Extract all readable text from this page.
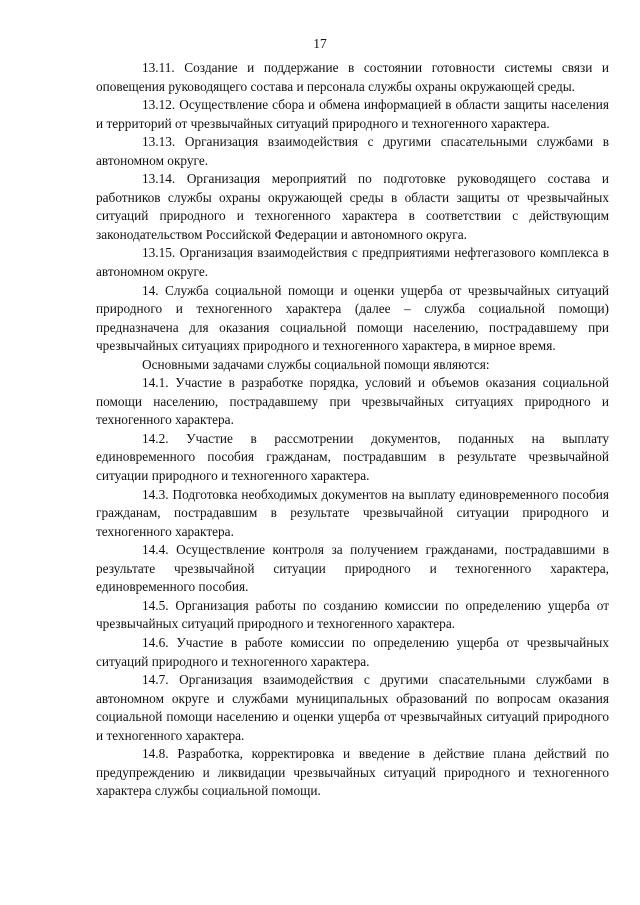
17

13.11. Создание и поддержание в состоянии готовности системы связи и оповещения руководящего состава и персонала службы охраны окружающей среды.

13.12. Осуществление сбора и обмена информацией в области защиты населения и территорий от чрезвычайных ситуаций природного и техногенного характера.

13.13. Организация взаимодействия с другими спасательными службами в автономном округе.

13.14. Организация мероприятий по подготовке руководящего состава и работников службы охраны окружающей среды в области защиты от чрезвычайных ситуаций природного и техногенного характера в соответствии с действующим законодательством Российской Федерации и автономного округа.

13.15. Организация взаимодействия с предприятиями нефтегазового комплекса в автономном округе.

14. Служба социальной помощи и оценки ущерба от чрезвычайных ситуаций природного и техногенного характера (далее – служба социальной помощи) предназначена для оказания социальной помощи населению, пострадавшему при чрезвычайных ситуациях природного и техногенного характера, в мирное время.

Основными задачами службы социальной помощи являются:

14.1. Участие в разработке порядка, условий и объемов оказания социальной помощи населению, пострадавшему при чрезвычайных ситуациях природного и техногенного характера.

14.2. Участие в рассмотрении документов, поданных на выплату единовременного пособия гражданам, пострадавшим в результате чрезвычайной ситуации природного и техногенного характера.

14.3. Подготовка необходимых документов на выплату единовременного пособия гражданам, пострадавшим в результате чрезвычайной ситуации природного и техногенного характера.

14.4. Осуществление контроля за получением гражданами, пострадавшими в результате чрезвычайной ситуации природного и техногенного характера, единовременного пособия.

14.5. Организация работы по созданию комиссии по определению ущерба от чрезвычайных ситуаций природного и техногенного характера.

14.6. Участие в работе комиссии по определению ущерба от чрезвычайных ситуаций природного и техногенного характера.

14.7. Организация взаимодействия с другими спасательными службами в автономном округе и службами муниципальных образований по вопросам оказания социальной помощи населению и оценки ущерба от чрезвычайных ситуаций природного и техногенного характера.

14.8. Разработка, корректировка и введение в действие плана действий по предупреждению и ликвидации чрезвычайных ситуаций природного и техногенного характера службы социальной помощи.
